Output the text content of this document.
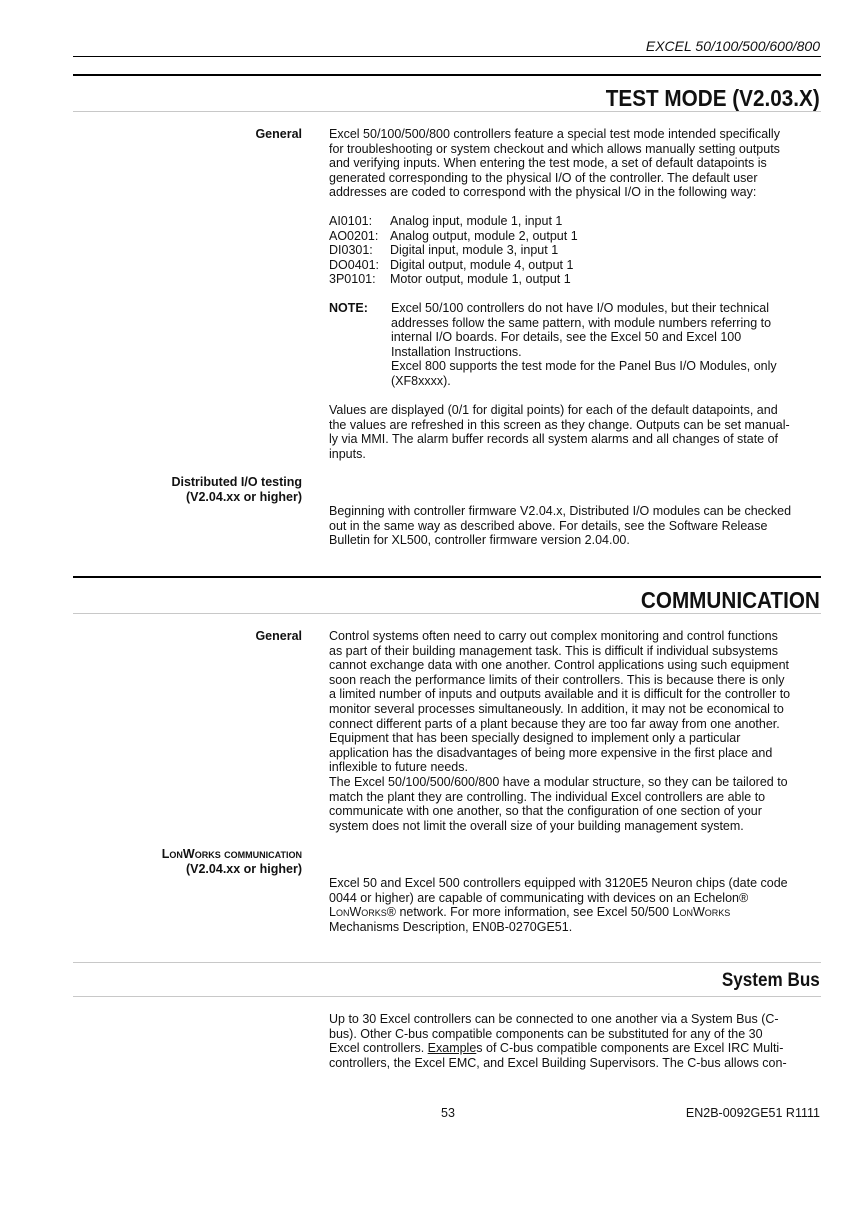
EXCEL 50/100/500/600/800
TEST MODE (V2.03.X)
General Excel 50/100/500/800 controllers feature a special test mode intended specifically
for troubleshooting or system checkout and which allows manually setting outputs
and verifying inputs. When entering the test mode, a set of default datapoints is
generated corresponding to the physical I/O of the controller. The default user
addresses are coded to correspond with the physical I/O in the following way:
AI0101: Analog input, module 1, input 1
AO0201: Analog output, module 2, output 1
DI0301: Digital input, module 3, input 1
DO0401: Digital output, module 4, output 1
3P0101: Motor output, module 1, output 1
NOTE: Excel 50/100 controllers do not have I/O modules, but their technical
addresses follow the same pattern, with module numbers referring to
internal I/O boards. For details, see the Excel 50 and Excel 100
Installation Instructions.
Excel 800 supports the test mode for the Panel Bus I/O Modules, only
(XF8xxxx).
Values are displayed (0/1 for digital points) for each of the default datapoints, and
the values are refreshed in this screen as they change. Outputs can be set manual-
ly via MMI. The alarm buffer records all system alarms and all changes of state of
inputs.
Distributed I/O testing
(V2.04.xx or higher)
Beginning with controller firmware V2.04.x, Distributed I/O modules can be checked
out in the same way as described above. For details, see the Software Release
Bulletin for XL500, controller firmware version 2.04.00.
COMMUNICATION
General Control systems often need to carry out complex monitoring and control functions
as part of their building management task. This is difficult if individual subsystems
cannot exchange data with one another. Control applications using such equipment
soon reach the performance limits of their controllers. This is because there is only
a limited number of inputs and outputs available and it is difficult for the controller to
monitor several processes simultaneously. In addition, it may not be economical to
connect different parts of a plant because they are too far away from one another.
Equipment that has been specially designed to implement only a particular
application has the disadvantages of being more expensive in the first place and
inflexible to future needs.
The Excel 50/100/500/600/800 have a modular structure, so they can be tailored to
match the plant they are controlling. The individual Excel controllers are able to
communicate with one another, so that the configuration of one section of your
system does not limit the overall size of your building management system.
LonWorks communication
(V2.04.xx or higher)
Excel 50 and Excel 500 controllers equipped with 3120E5 Neuron chips (date code
0044 or higher) are capable of communicating with devices on an Echelon®
LonWorks® network. For more information, see Excel 50/500 LonWorks
Mechanisms Description, EN0B-0270GE51.
System Bus
Up to 30 Excel controllers can be connected to one another via a System Bus (C-
bus). Other C-bus compatible components can be substituted for any of the 30
Excel controllers. Examples of C-bus compatible components are Excel IRC Multi-
controllers, the Excel EMC, and Excel Building Supervisors. The C-bus allows con-
53	EN2B-0092GE51 R1111
